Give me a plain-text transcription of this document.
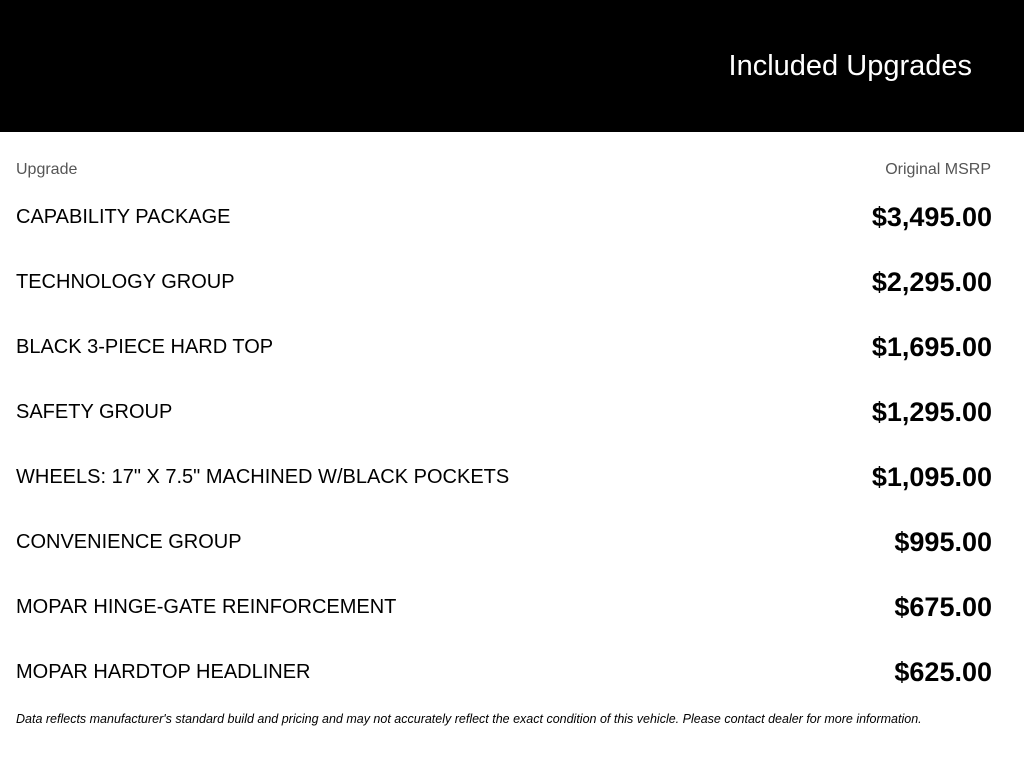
Included Upgrades
Upgrade	Original MSRP
CAPABILITY PACKAGE	$3,495.00
TECHNOLOGY GROUP	$2,295.00
BLACK 3-PIECE HARD TOP	$1,695.00
SAFETY GROUP	$1,295.00
WHEELS: 17" X 7.5" MACHINED W/BLACK POCKETS	$1,095.00
CONVENIENCE GROUP	$995.00
MOPAR HINGE-GATE REINFORCEMENT	$675.00
MOPAR HARDTOP HEADLINER	$625.00
Data reflects manufacturer's standard build and pricing and may not accurately reflect the exact condition of this vehicle. Please contact dealer for more information.
